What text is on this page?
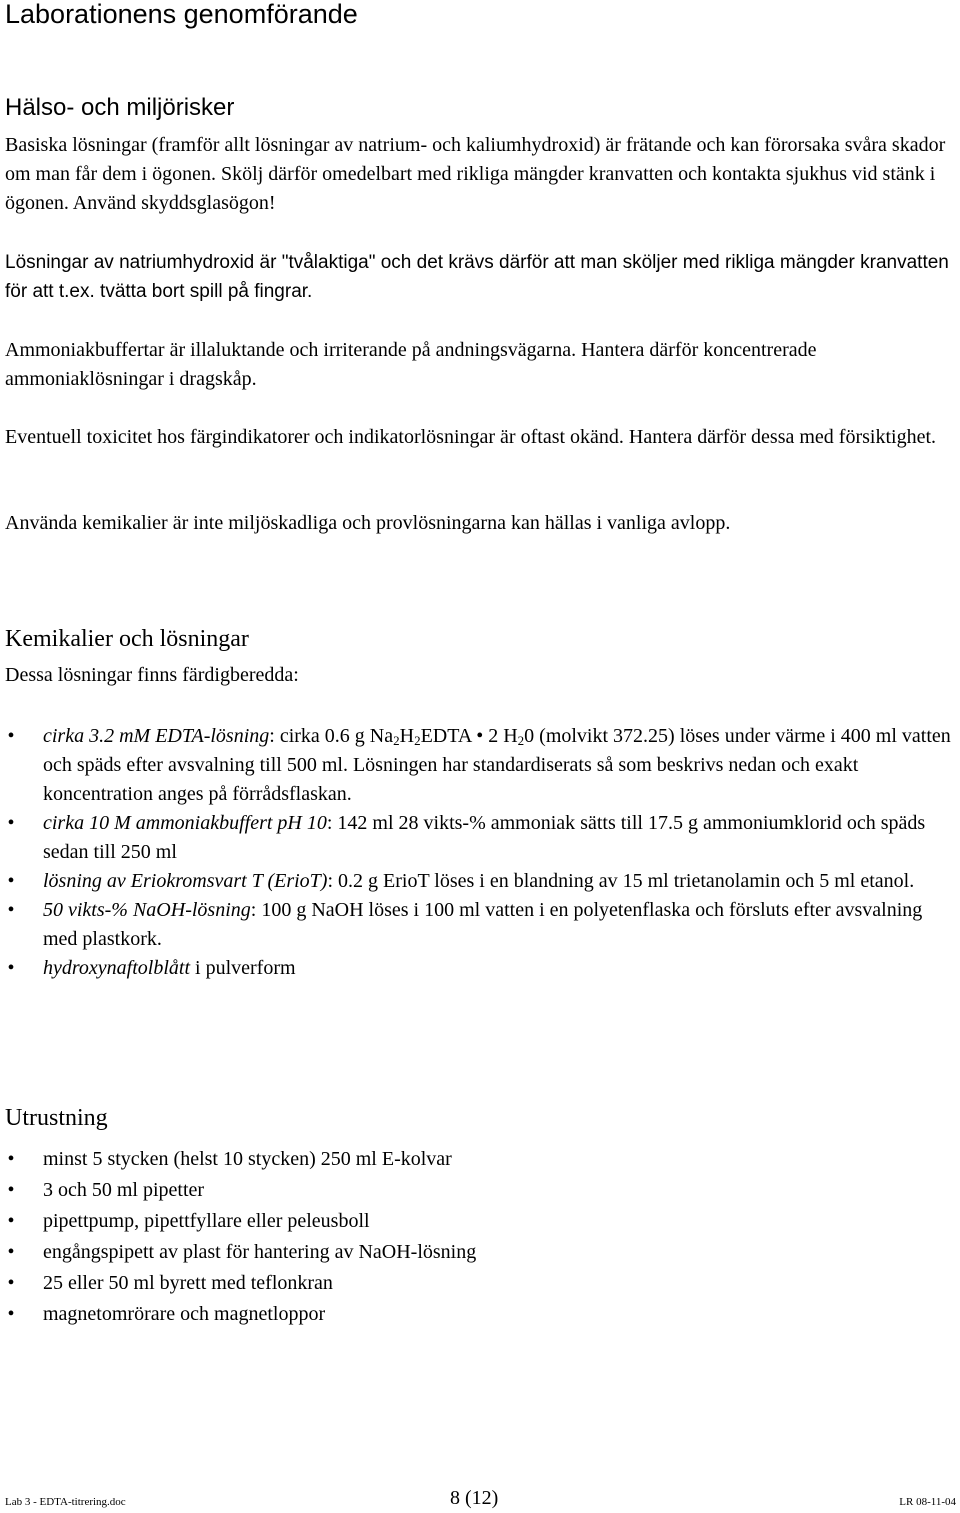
Laborationens genomförande
Hälso- och miljörisker

Basiska lösningar (framför allt lösningar av natrium- och kaliumhydroxid) är frätande och kan förorsaka svåra skador om man får dem i ögonen. Skölj därför omedelbart med rikliga mängder kranvatten och kontakta sjukhus vid stänk i ögonen. Använd skyddsglasögon!

Lösningar av natriumhydroxid är "tvålaktiga" och det krävs därför att man sköljer med rikliga mängder kranvatten för att t.ex. tvätta bort spill på fingrar.

Ammoniakbuffertar är illaluktande och irriterande på andningsvägarna. Hantera därför koncentrerade ammoniaklösningar i dragskåp.

Eventuell toxicitet hos färgindikatorer och indikatorlösningar är oftast okänd. Hantera därför dessa med försiktighet.

Använda kemikalier är inte miljöskadliga och provlösningarna kan hällas i vanliga avlopp.

Kemikalier och lösningar

Dessa lösningar finns färdigberedda:

• cirka 3.2 mM EDTA-lösning: cirka 0.6 g $Na_2H_2EDTA$ • 2 $H_20$ (molvikt 372.25) löses under värme i 400 ml vatten och späds efter avsvalning till 500 ml. Lösningen har standardiserats så som beskrivs nedan och exakt koncentration anges på förrådsflaskan.
• cirka 10 M ammoniakbuffert pH 10: 142 ml 28 vikts-% ammoniak sätts till 17.5 g ammoniumklorid och späds sedan till 250 ml
• lösning av Eriokromsvart T (ErioT): 0.2 g ErioT löses i en blandning av 15 ml trietanolamin och 5 ml etanol.
• 50 vikts-% NaOH-lösning: 100 g NaOH löses i 100 ml vatten i en polyetenflaska och försluts efter avsvalning med plastkork.
• hydroxynaftolblått i pulverform
Utrustning
• minst 5 stycken (helst 10 stycken) 250 ml E-kolvar
• 3 och 50 ml pipetter
• pipettpump, pipettfyllare eller peleusboll
• engångspipett av plast för hantering av NaOH-lösning
• 25 eller 50 ml byrett med teflonkran
• magnetomrörare och magnetloppor
Lab 3 - EDTA-titrering.doc	8 (12)	LR 08-11-04
